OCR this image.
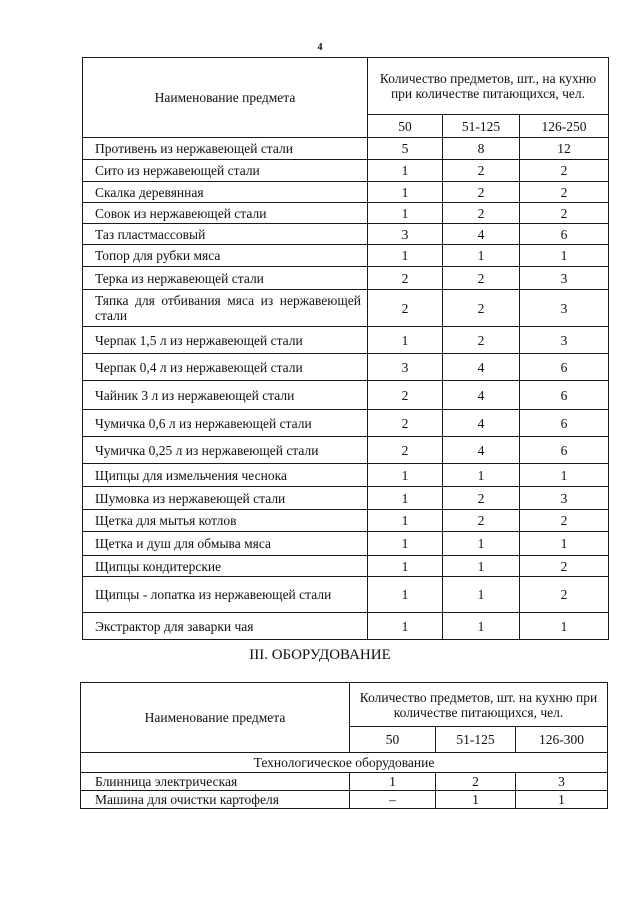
4
Наименование предмета	Количество предметов, шт., на кухню при количестве питающихся, чел.		
	50	51-125	126-250
Противень из нержавеющей стали	5	8	12
Сито из нержавеющей стали	1	2	2
Скалка деревянная	1	2	2
Совок из нержавеющей стали	1	2	2
Таз пластмассовый	3	4	6
Топор для рубки мяса	1	1	1
Терка из нержавеющей стали	2	2	3
Тяпка для отбивания мяса из нержавеющей стали	2	2	3
Черпак 1,5 л из нержавеющей стали	1	2	3
Черпак 0,4 л из нержавеющей стали	3	4	6
Чайник 3 л из нержавеющей стали	2	4	6
Чумичка 0,6 л из нержавеющей стали	2	4	6
Чумичка 0,25 л из нержавеющей стали	2	4	6
Щипцы для измельчения чеснока	1	1	1
Шумовка из нержавеющей стали	1	2	3
Щетка для мытья котлов	1	2	2
Щетка и душ для обмыва мяса	1	1	1
Щипцы кондитерские	1	1	2
Щипцы - лопатка из нержавеющей стали	1	1	2
Экстрактор для заварки чая	1	1	1
III. ОБОРУДОВАНИЕ
Наименование предмета	Количество предметов, шт. на кухню при количестве питающихся, чел.		
	50	51-125	126-300
Технологическое оборудование			
Блинница электрическая	1	2	3
Машина для очистки картофеля	–	1	1
